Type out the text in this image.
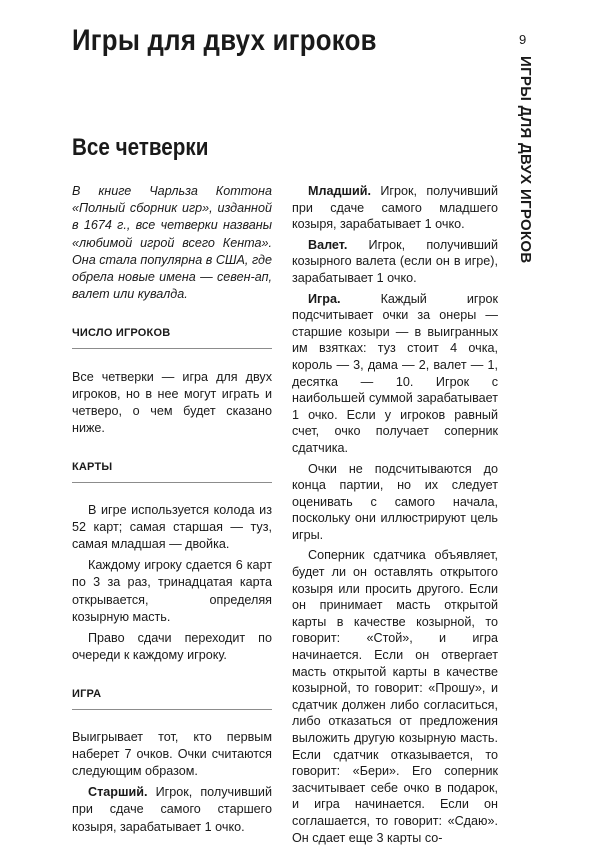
Игры для двух игроков	9
ИГРЫ ДЛЯ ДВУХ ИГРОКОВ
Все четверки

В книге Чарльза Коттона «Полный сборник игр», изданной в 1674 г., все четверки названы «любимой игрой всего Кента». Она стала популярна в США, где обрела новые имена — севен-ап, валет или кувалда.

ЧИСЛО ИГРОКОВ

Все четверки — игра для двух игроков, но в нее могут играть и четверо, о чем будет сказано ниже.

КАРТЫ

В игре используется колода из 52 карт; самая старшая — туз, самая младшая — двойка.

Каждому игроку сдается 6 карт по 3 за раз, тринадцатая карта открывается, определяя козырную масть.

Право сдачи переходит по очереди к каждому игроку.

ИГРА

Выигрывает тот, кто первым наберет 7 очков. Очки считаются следующим образом.

Старший. Игрок, получивший при сдаче самого старшего козыря, зарабатывает 1 очко.

Младший. Игрок, получивший при сдаче самого младшего козыря, зарабатывает 1 очко.

Валет. Игрок, получивший козырного валета (если он в игре), зарабатывает 1 очко.

Игра. Каждый игрок подсчитывает очки за онеры — старшие козыри — в выигранных им взятках: туз стоит 4 очка, король — 3, дама — 2, валет — 1, десятка — 10. Игрок с наибольшей суммой зарабатывает 1 очко. Если у игроков равный счет, очко получает соперник сдатчика.

Очки не подсчитываются до конца партии, но их следует оценивать с самого начала, поскольку они иллюстрируют цель игры.

Соперник сдатчика объявляет, будет ли он оставлять открытого козыря или просить другого. Если он принимает масть открытой карты в качестве козырной, то говорит: «Стой», и игра начинается. Если он отвергает масть открытой карты в качестве козырной, то говорит: «Прошу», и сдатчик должен либо согласиться, либо отказаться от предложения выложить другую козырную масть. Если сдатчик отказывается, то говорит: «Бери». Его соперник засчитывает себе очко в подарок, и игра начинается. Если он соглашается, то говорит: «Сдаю». Он сдает еще 3 карты со-
